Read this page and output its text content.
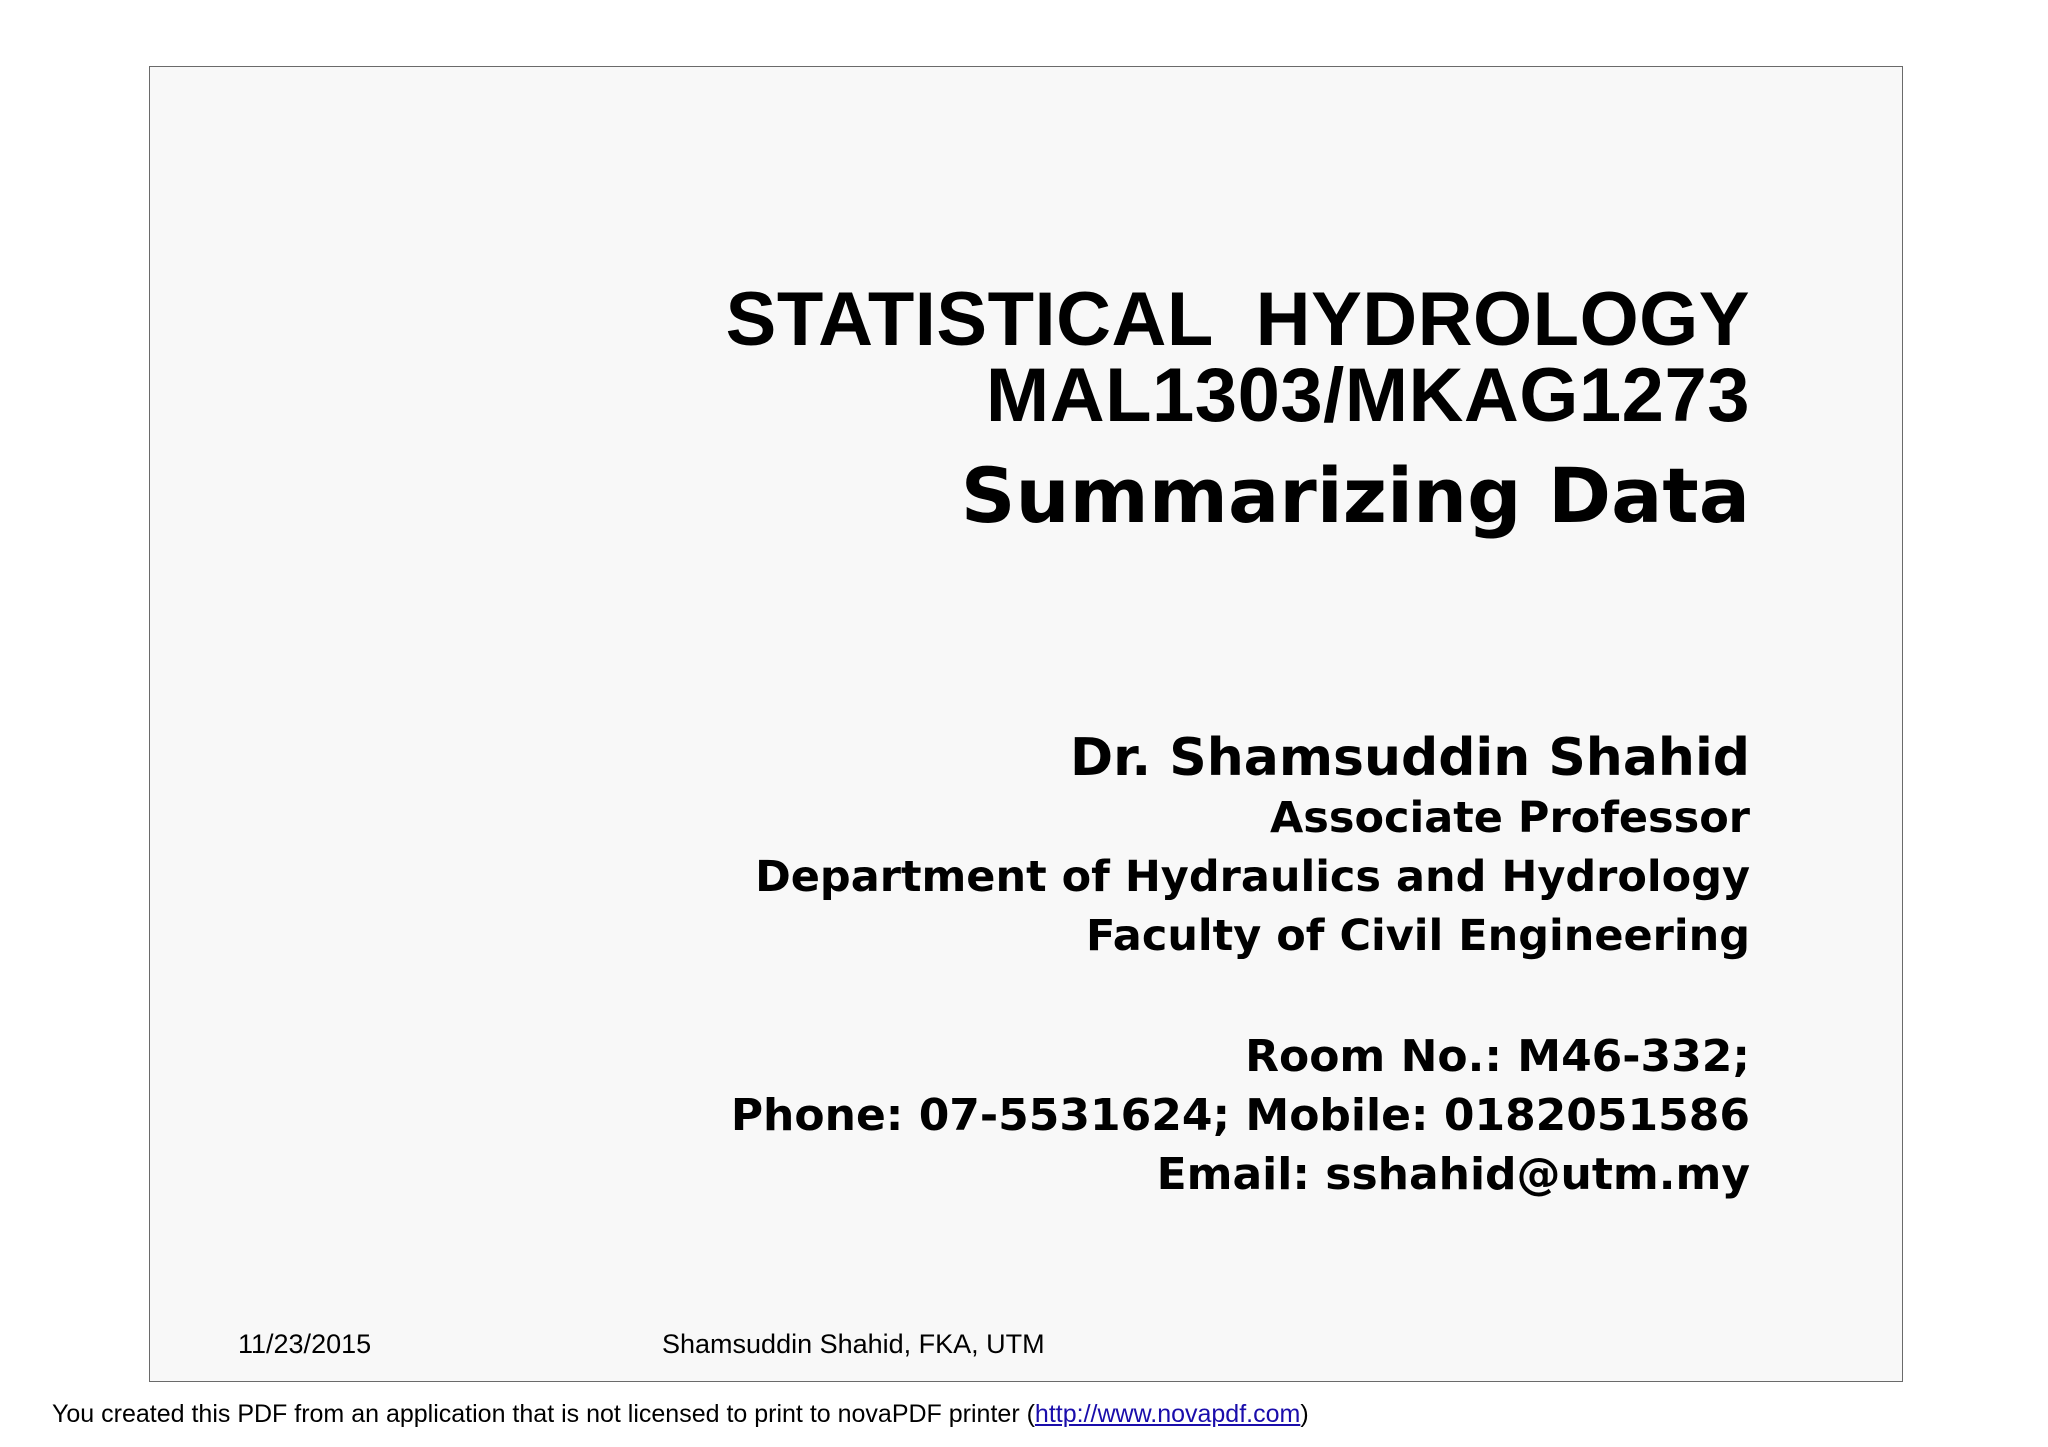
STATISTICAL  HYDROLOGY
MAL1303/MKAG1273
Summarizing Data
Dr. Shamsuddin Shahid
Associate Professor
Department of Hydraulics and Hydrology
Faculty of Civil Engineering
Room No.: M46-332;
Phone: 07-5531624; Mobile: 0182051586
Email: sshahid@utm.my
11/23/2015	Shamsuddin Shahid, FKA, UTM
You created this PDF from an application that is not licensed to print to novaPDF printer (http://www.novapdf.com)
